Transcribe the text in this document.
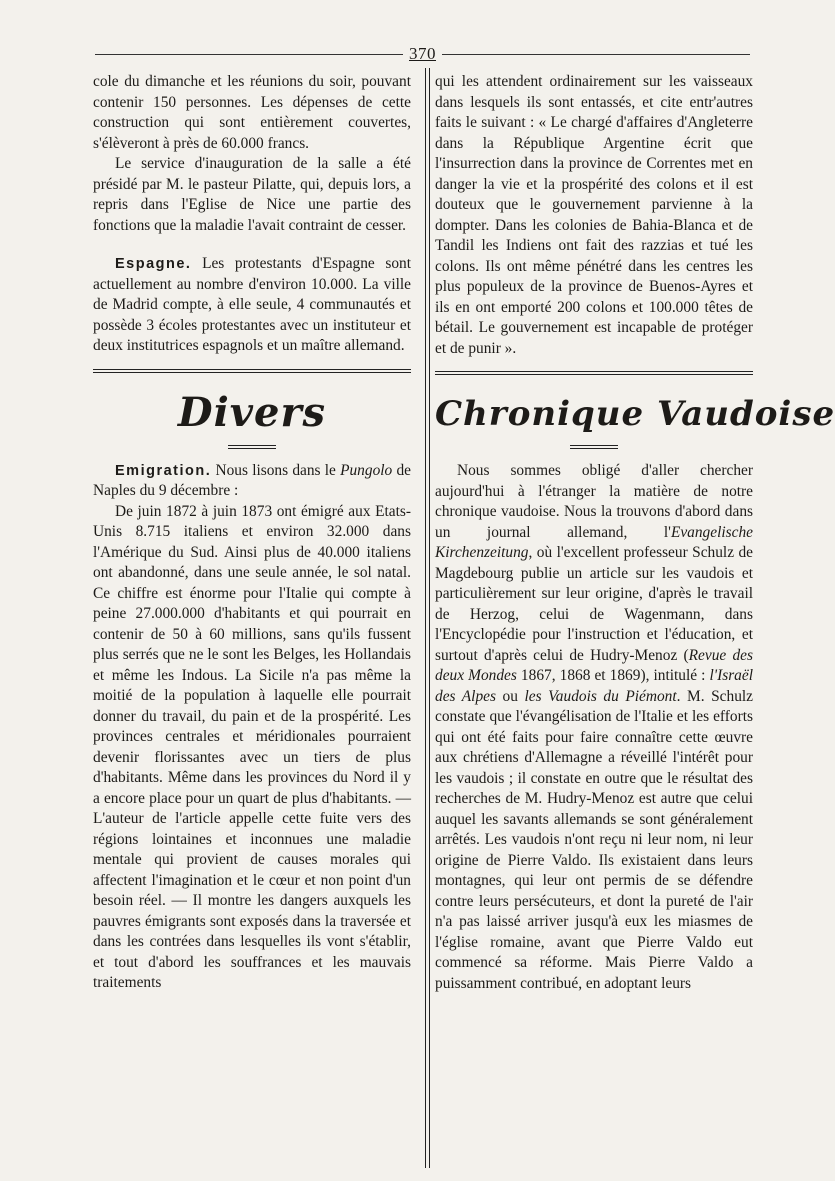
370

cole du dimanche et les réunions du soir, pouvant contenir 150 personnes. Les dépenses de cette construction qui sont entièrement couvertes, s'élèveront à près de 60.000 francs.

Le service d'inauguration de la salle a été présidé par M. le pasteur Pilatte, qui, depuis lors, a repris dans l'Eglise de Nice une partie des fonctions que la maladie l'avait contraint de cesser.

Espagne. Les protestants d'Espagne sont actuellement au nombre d'environ 10.000. La ville de Madrid compte, à elle seule, 4 communautés et possède 3 écoles protestantes avec un instituteur et deux institutrices espagnols et un maître allemand.

Divers

Emigration. Nous lisons dans le Pungolo de Naples du 9 décembre :

De juin 1872 à juin 1873 ont émigré aux Etats-Unis 8.715 italiens et environ 32.000 dans l'Amérique du Sud. Ainsi plus de 40.000 italiens ont abandonné, dans une seule année, le sol natal. Ce chiffre est énorme pour l'Italie qui compte à peine 27.000.000 d'habitants et qui pourrait en contenir de 50 à 60 millions, sans qu'ils fussent plus serrés que ne le sont les Belges, les Hollandais et même les Indous. La Sicile n'a pas même la moitié de la population à laquelle elle pourrait donner du travail, du pain et de la prospérité. Les provinces centrales et méridionales pourraient devenir florissantes avec un tiers de plus d'habitants. Même dans les provinces du Nord il y a encore place pour un quart de plus d'habitants. — L'auteur de l'article appelle cette fuite vers des régions lointaines et inconnues une maladie mentale qui provient de causes morales qui affectent l'imagination et le cœur et non point d'un besoin réel. — Il montre les dangers auxquels les pauvres émigrants sont exposés dans la traversée et dans les contrées dans lesquelles ils vont s'établir, et tout d'abord les souffrances et les mauvais traitements

qui les attendent ordinairement sur les vaisseaux dans lesquels ils sont entassés, et cite entr'autres faits le suivant : « Le chargé d'affaires d'Angleterre dans la République Argentine écrit que l'insurrection dans la province de Correntes met en danger la vie et la prospérité des colons et il est douteux que le gouvernement parvienne à la dompter. Dans les colonies de Bahia-Blanca et de Tandil les Indiens ont fait des razzias et tué les colons. Ils ont même pénétré dans les centres les plus populeux de la province de Buenos-Ayres et ils en ont emporté 200 colons et 100.000 têtes de bétail. Le gouvernement est incapable de protéger et de punir ».

Chronique Vaudoise

Nous sommes obligé d'aller chercher aujourd'hui à l'étranger la matière de notre chronique vaudoise. Nous la trouvons d'abord dans un journal allemand, l'Evangelische Kirchenzeitung, où l'excellent professeur Schulz de Magdebourg publie un article sur les vaudois et particulièrement sur leur origine, d'après le travail de Herzog, celui de Wagenmann, dans l'Encyclopédie pour l'instruction et l'éducation, et surtout d'après celui de Hudry-Menoz (Revue des deux Mondes 1867, 1868 et 1869), intitulé : l'Israël des Alpes ou les Vaudois du Piémont. M. Schulz constate que l'évangélisation de l'Italie et les efforts qui ont été faits pour faire connaître cette œuvre aux chrétiens d'Allemagne a réveillé l'intérêt pour les vaudois ; il constate en outre que le résultat des recherches de M. Hudry-Menoz est autre que celui auquel les savants allemands se sont généralement arrêtés. Les vaudois n'ont reçu ni leur nom, ni leur origine de Pierre Valdo. Ils existaient dans leurs montagnes, qui leur ont permis de se défendre contre leurs persécuteurs, et dont la pureté de l'air n'a pas laissé arriver jusqu'à eux les miasmes de l'église romaine, avant que Pierre Valdo eut commencé sa réforme. Mais Pierre Valdo a puissamment contribué, en adoptant leurs
